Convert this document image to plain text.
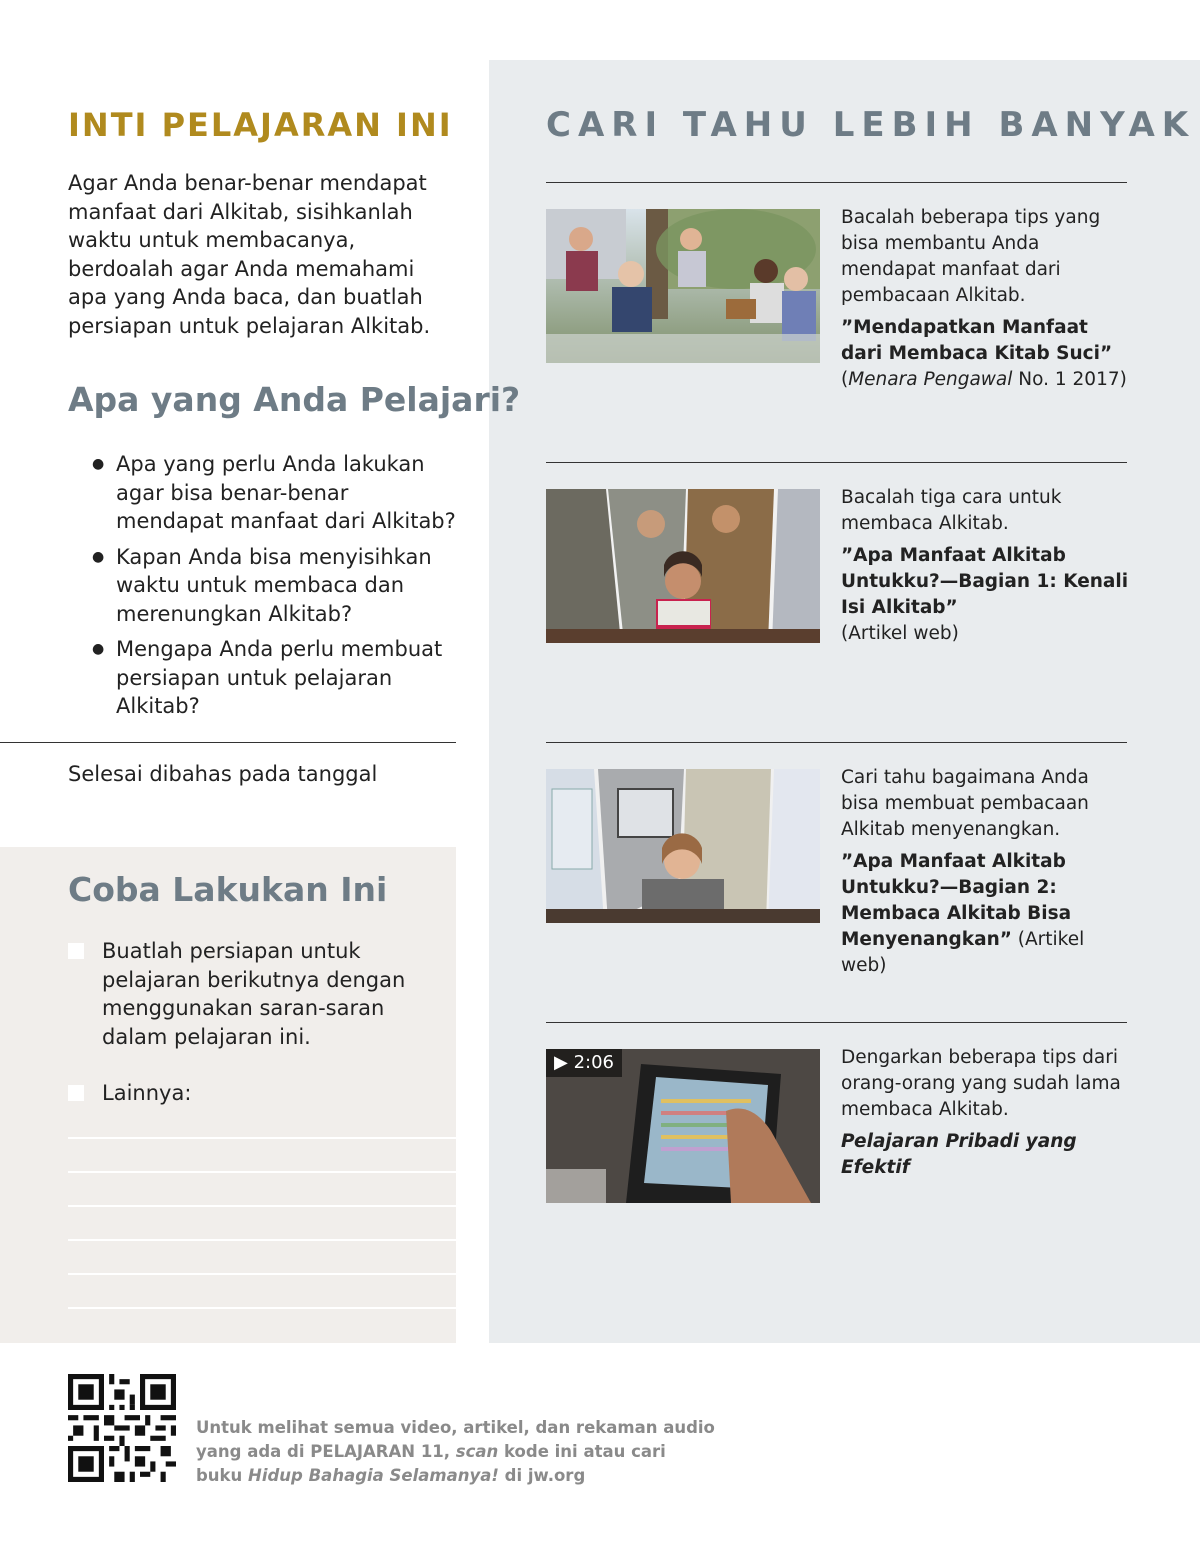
INTI PELAJARAN INI

Agar Anda benar-benar mendapat manfaat dari Alkitab, sisihkanlah waktu untuk membacanya, berdoalah agar Anda memahami apa yang Anda baca, dan buatlah persiapan untuk pelajaran Alkitab.

Apa yang Anda Pelajari?
● Apa yang perlu Anda lakukan agar bisa benar-benar mendapat manfaat dari Alkitab?
● Kapan Anda bisa menyisihkan waktu untuk membaca dan merenungkan Alkitab?
● Mengapa Anda perlu membuat persiapan untuk pelajaran Alkitab?
Selesai dibahas pada tanggal
Coba Lakukan Ini
Buatlah persiapan untuk pelajaran berikutnya dengan menggunakan saran-saran dalam pelajaran ini.
Lainnya:
CARI TAHU LEBIH BANYAK
Bacalah beberapa tips yang bisa membantu Anda mendapat manfaat dari pembacaan Alkitab.
”Mendapatkan Manfaat dari Membaca Kitab Suci”
(Menara Pengawal No. 1 2017)
Bacalah tiga cara untuk membaca Alkitab.
”Apa Manfaat Alkitab Untukku?—Bagian 1: Kenali Isi Alkitab”
(Artikel web)
Cari tahu bagaimana Anda bisa membuat pembacaan Alkitab menyenangkan.
”Apa Manfaat Alkitab Untukku?—Bagian 2: Membaca Alkitab Bisa Menyenangkan” (Artikel web)
▶ 2:06	Dengarkan beberapa tips dari orang-orang yang sudah lama membaca Alkitab.
Pelajaran Pribadi yang Efektif

Untuk melihat semua video, artikel, dan rekaman audio yang ada di PELAJARAN 11, scan kode ini atau cari buku Hidup Bahagia Selamanya! di jw.org
